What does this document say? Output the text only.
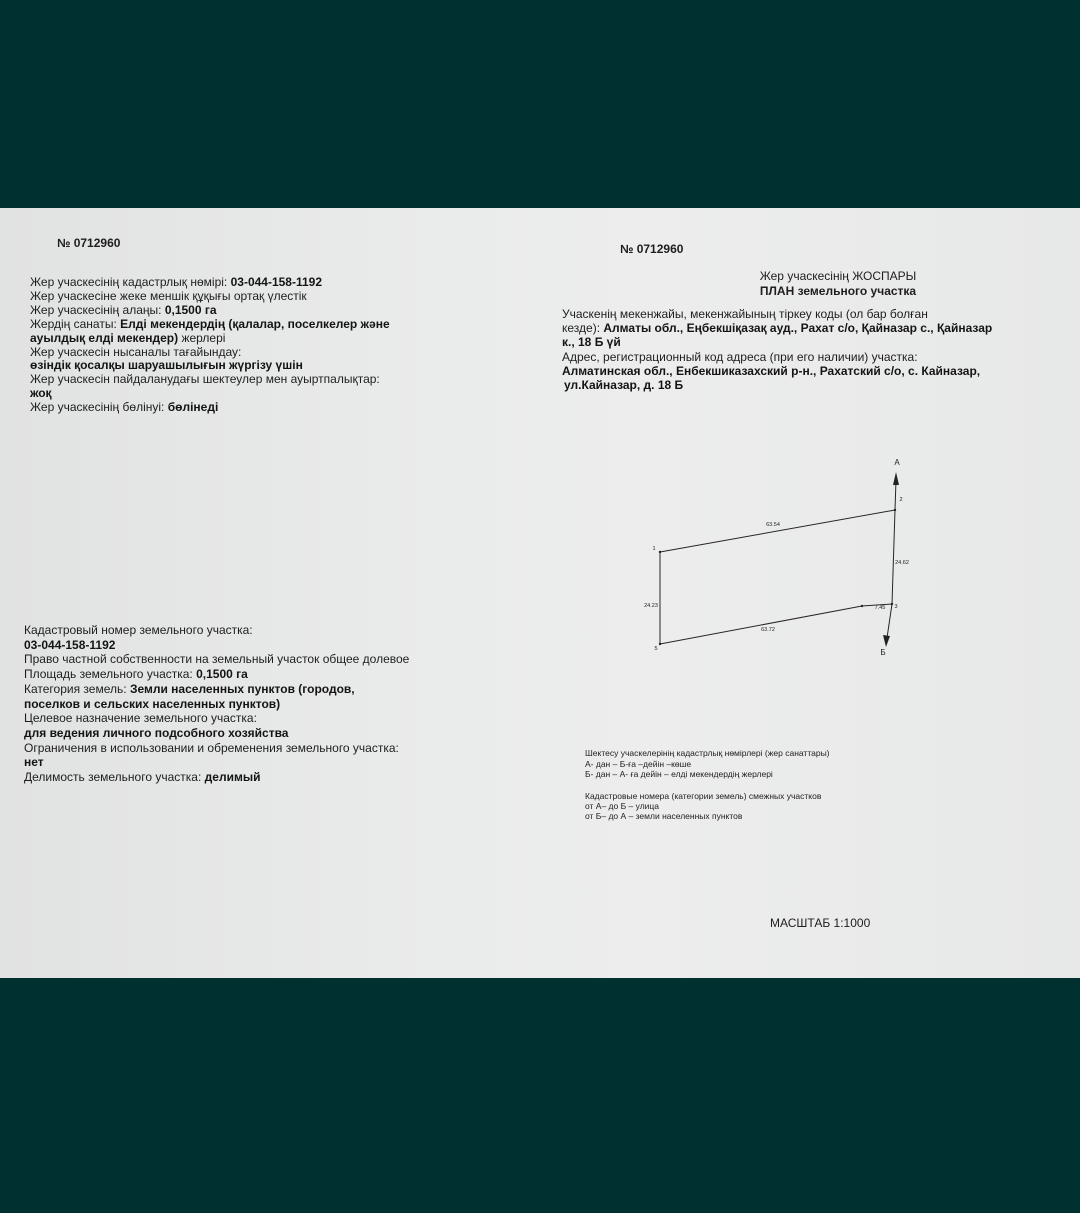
№ 0712960
Жер учаскесінің кадастрлық нөмірі: 03-044-158-1192
Жер учаскесіне жеке меншік құқығы ортақ үлестік
Жер учаскесінің алаңы: 0,1500 га
Жердің санаты: Елді мекендердің (қалалар, поселкелер және
ауылдық елді мекендер) жерлері
Жер учаскесін нысаналы тағайындау:
өзіндік қосалқы шаруашылығын жүргізу үшін
Жер учаскесін пайдаланудағы шектеулер мен ауыртпалықтар:
жоқ
Жер учаскесінің бөлінуі: бөлінеді
Кадастровый номер земельного участка:
03-044-158-1192
Право частной собственности на земельный участок общее долевое
Площадь земельного участка: 0,1500 га
Категория земель: Земли населенных пунктов (городов,
поселков и сельских населенных пунктов)
Целевое назначение земельного участка:
для ведения личного подсобного хозяйства
Ограничения в использовании и обременения земельного участка:
нет
Делимость земельного участка: делимый
№ 0712960
Жер учаскесінің ЖОСПАРЫ
ПЛАН земельного участка
Учаскенің мекенжайы, мекенжайының тіркеу коды (ол бар болған
кезде): Алматы обл., Еңбекшіқазақ ауд., Рахат с/о, Қайназар с., Қайназар
к., 18 Б үй
Адрес, регистрационный код адреса (при его наличии) участка:
Алматинская обл., Енбекшиказахский р-н., Рахатский с/о, с. Кайназар,
ул.Кайназар, д. 18 Б
А
Б
1
2
3
5
63.54
24.62
63.72
7.45
24.23
Шектесу учаскелерінің кадастрлық нөмірлері (жер санаттары)
А- дан – Б-ға –дейін –көше
Б- дан – А- ға дейін – елді мекендердің жерлері
Кадастровые номера (категории земель) смежных участков
от А– до Б – улица
от Б– до А – земли населенных пунктов
МАСШТАБ 1:1000
